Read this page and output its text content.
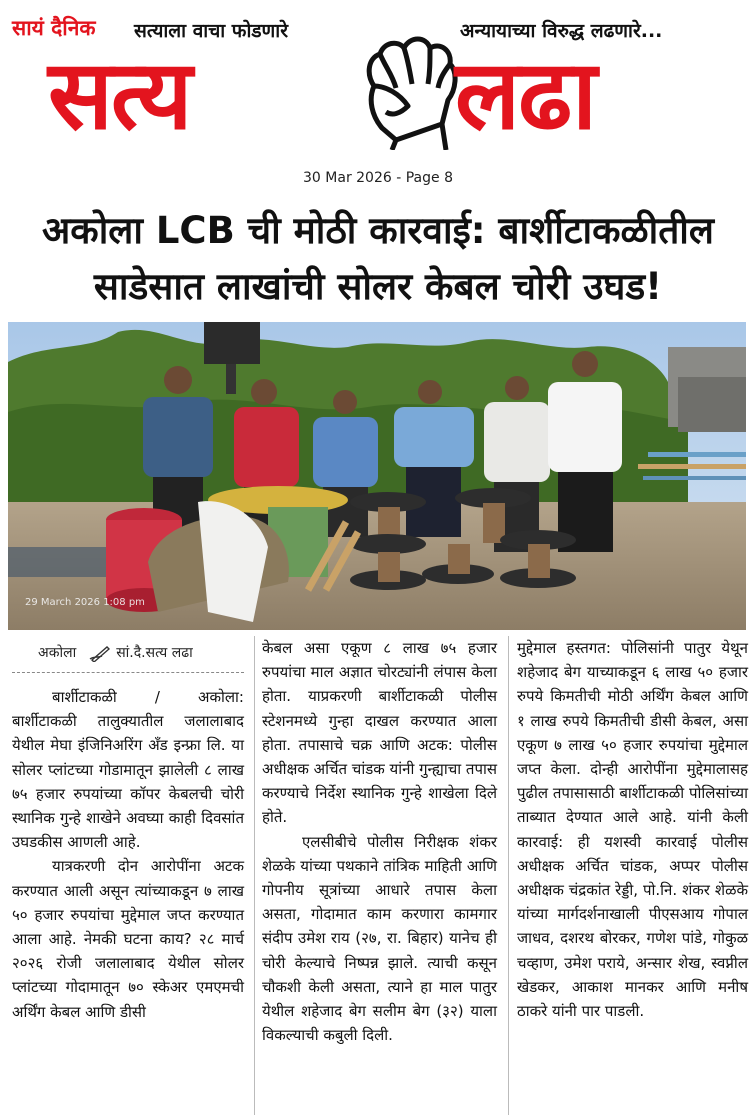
सायं दैनिक सत्याला वाचा फोडणारे	अन्यायाच्या विरुद्ध लढणारे...
सत्य	लढा
30 Mar 2026 - Page 8
अकोला LCB ची मोठी कारवाई: बार्शीटाकळीतील
साडेसात लाखांची सोलर केबल चोरी उघड!
29 March 2026 1:08 pm
अकोला	सां.दै.सत्य लढा

बार्शीटाकळी / अकोला: बार्शीटाकळी तालुक्यातील जलालाबाद येथील मेघा इंजिनिअरिंग अँड इन्फ्रा लि. या सोलर प्लांटच्या गोडामातून झालेली ८ लाख ७५ हजार रुपयांच्या कॉपर केबलची चोरी स्थानिक गुन्हे शाखेने अवघ्या काही दिवसांत उघडकीस आणली आहे.

यात्रकरणी दोन आरोपींना अटक करण्यात आली असून त्यांच्याकडून ७ लाख ५० हजार रुपयांचा मुद्देमाल जप्त करण्यात आला आहे. नेमकी घटना काय? २८ मार्च २०२६ रोजी जलालाबाद येथील सोलर प्लांटच्या गोदामातून ७० स्केअर एमएमची अर्थिंग केबल आणि डीसी

केबल असा एकूण ८ लाख ७५ हजार रुपयांचा माल अज्ञात चोरट्यांनी लंपास केला होता. याप्रकरणी बार्शीटाकळी पोलीस स्टेशनमध्ये गुन्हा दाखल करण्यात आला होता. तपासाचे चक्र आणि अटक: पोलीस अधीक्षक अर्चित चांडक यांनी गुन्ह्याचा तपास करण्याचे निर्देश स्थानिक गुन्हे शाखेला दिले होते.

एलसीबीचे पोलीस निरीक्षक शंकर शेळके यांच्या पथकाने तांत्रिक माहिती आणि गोपनीय सूत्रांच्या आधारे तपास केला असता, गोदामात काम करणारा कामगार संदीप उमेश राय (२७, रा. बिहार) यानेच ही चोरी केल्याचे निष्पन्न झाले. त्याची कसून चौकशी केली असता, त्याने हा माल पातुर येथील शहेजाद बेग सलीम बेग (३२) याला विकल्याची कबुली दिली.

मुद्देमाल हस्तगत: पोलिसांनी पातुर येथून शहेजाद बेग याच्याकडून ६ लाख ५० हजार रुपये किमतीची मोठी अर्थिंग केबल आणि १ लाख रुपये किमतीची डीसी केबल, असा एकूण ७ लाख ५० हजार रुपयांचा मुद्देमाल जप्त केला. दोन्ही आरोपींना मुद्देमालासह पुढील तपासासाठी बार्शीटाकळी पोलिसांच्या ताब्यात देण्यात आले आहे. यांनी केली कारवाई: ही यशस्वी कारवाई पोलीस अधीक्षक अर्चित चांडक, अप्पर पोलीस अधीक्षक चंद्रकांत रेड्डी, पो.नि. शंकर शेळके यांच्या मार्गदर्शनाखाली पीएसआय गोपाल जाधव, दशरथ बोरकर, गणेश पांडे, गोकुळ चव्हाण, उमेश पराये, अन्सार शेख, स्वप्नील खेडकर, आकाश मानकर आणि मनीष ठाकरे यांनी पार पाडली.
